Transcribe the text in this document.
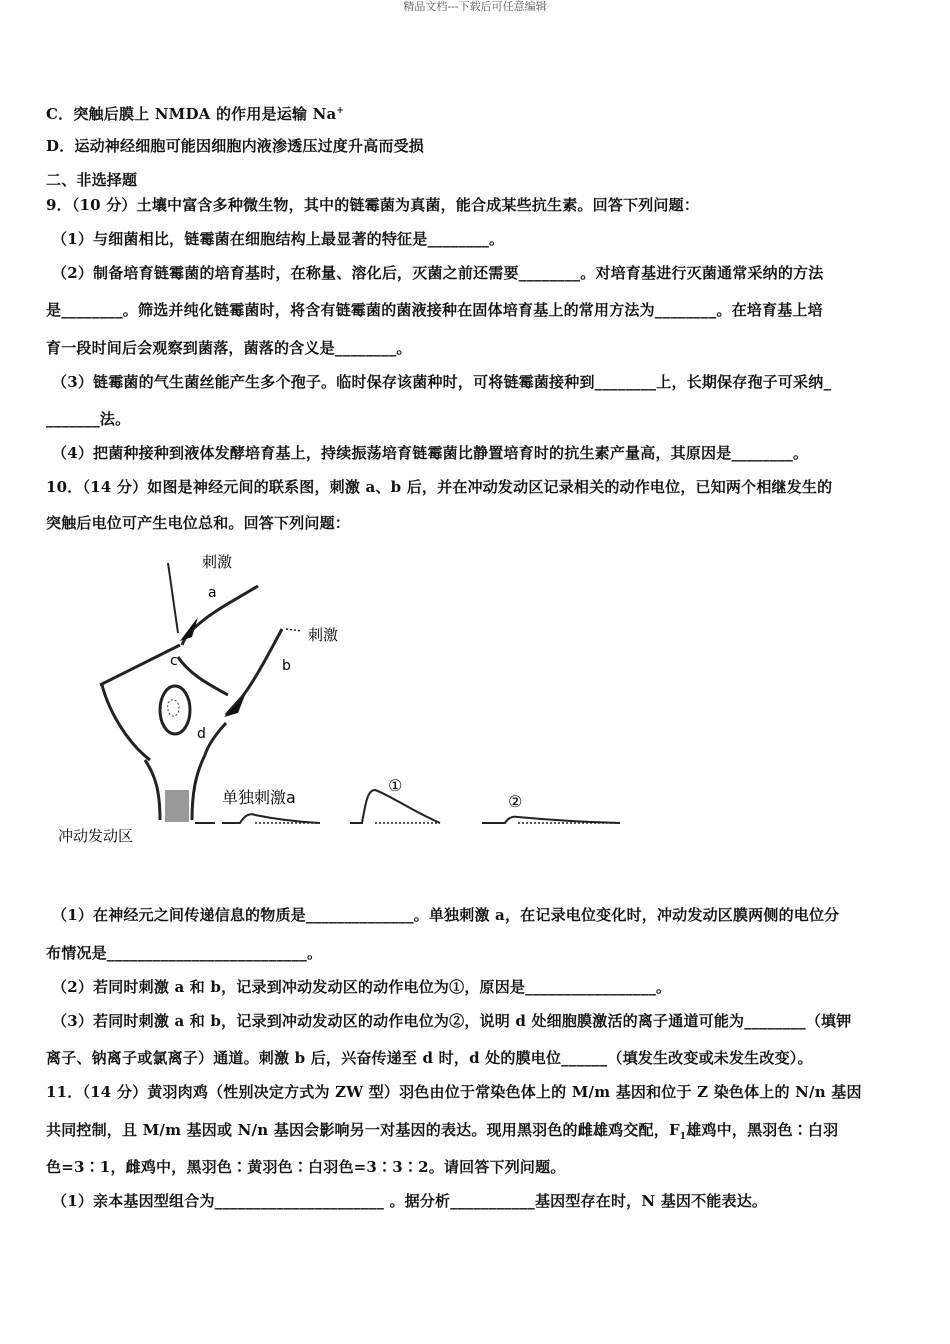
精品文档---下载后可任意编辑
C．突触后膜上 NMDA 的作用是运输 Na+
D．运动神经细胞可能因细胞内液渗透压过度升高而受损
二、非选择题
9．（10 分）土壤中富含多种微生物，其中的链霉菌为真菌，能合成某些抗生素。回答下列问题：
（1）与细菌相比，链霉菌在细胞结构上最显著的特征是________。
（2）制备培育链霉菌的培育基时，在称量、溶化后，灭菌之前还需要________。对培育基进行灭菌通常采纳的方法
是________。筛选并纯化链霉菌时，将含有链霉菌的菌液接种在固体培育基上的常用方法为________。在培育基上培
育一段时间后会观察到菌落，菌落的含义是________。
（3）链霉菌的气生菌丝能产生多个孢子。临时保存该菌种时，可将链霉菌接种到________上，长期保存孢子可采纳_
_______法。
（4）把菌种接种到液体发酵培育基上，持续振荡培育链霉菌比静置培育时的抗生素产量高，其原因是________。
10．（14 分）如图是神经元间的联系图，刺激 a、b 后，并在冲动发动区记录相关的动作电位，已知两个相继发生的
突触后电位可产生电位总和。回答下列问题：
刺激
a
刺激
b
c
d
单独刺激a
①
②
冲动发动区
（1）在神经元之间传递信息的物质是______________。单独刺激 a，在记录电位变化时，冲动发动区膜两侧的电位分
布情况是__________________________。
（2）若同时刺激 a 和 b，记录到冲动发动区的动作电位为①，原因是_________________。
（3）若同时刺激 a 和 b，记录到冲动发动区的动作电位为②，说明 d 处细胞膜激活的离子通道可能为________（填钾
离子、钠离子或氯离子）通道。刺激 b 后，兴奋传递至 d 时，d 处的膜电位______（填发生改变或未发生改变）。
11．（14 分）黄羽肉鸡（性别决定方式为 ZW 型）羽色由位于常染色体上的 M/m 基因和位于 Z 染色体上的 N/n 基因
共同控制，且 M/m 基因或 N/n 基因会影响另一对基因的表达。现用黑羽色的雌雄鸡交配，$F_1$雄鸡中，黑羽色∶白羽
色=3∶1，雌鸡中，黑羽色∶黄羽色∶白羽色=3∶3∶2。请回答下列问题。
（1）亲本基因型组合为______________________ 。据分析___________基因型存在时，N 基因不能表达。
